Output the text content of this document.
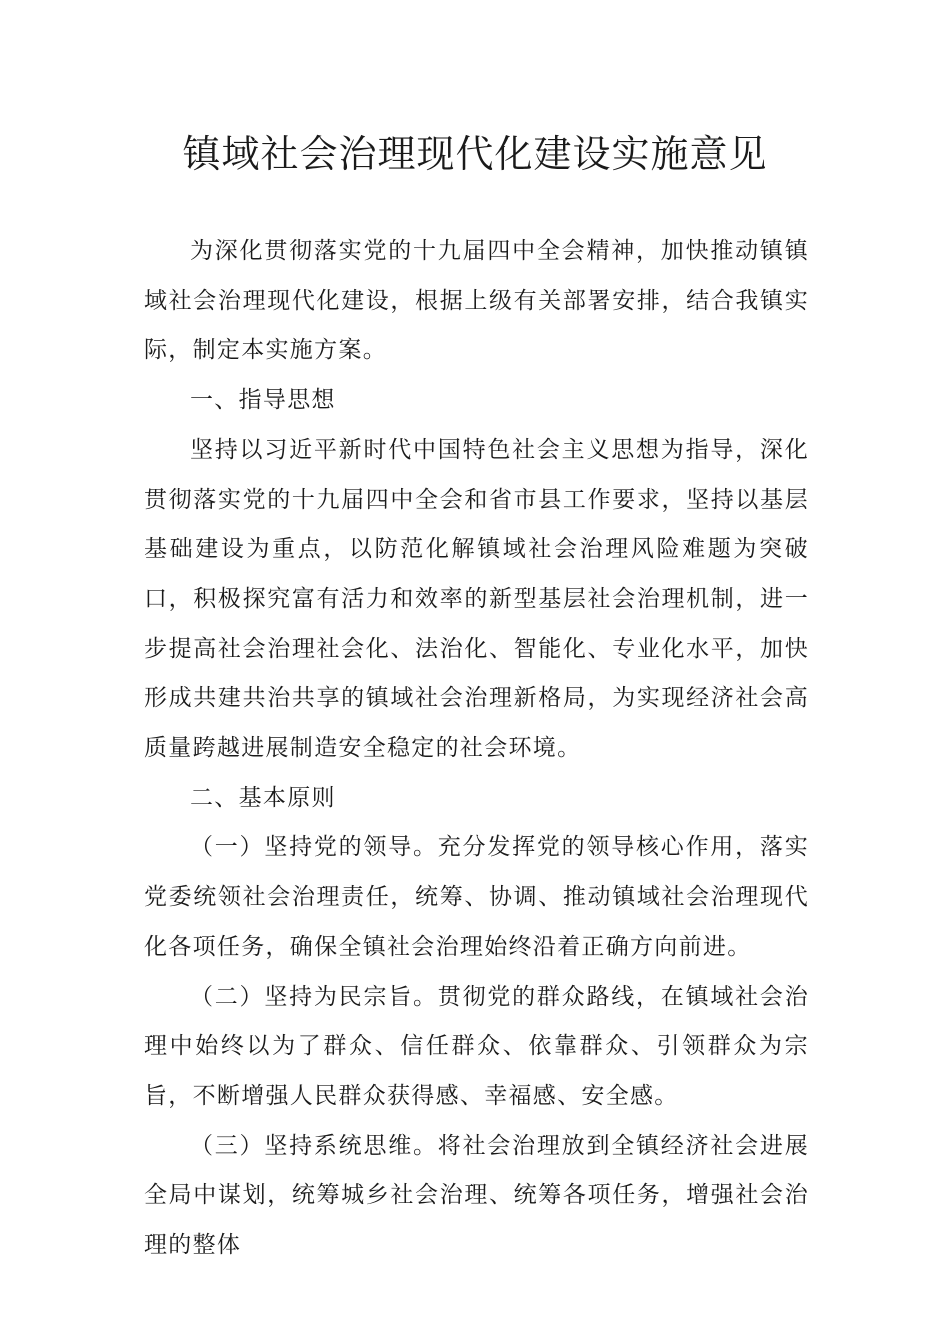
镇域社会治理现代化建设实施意见

为深化贯彻落实党的十九届四中全会精神，加快推动镇镇域社会治理现代化建设，根据上级有关部署安排，结合我镇实际，制定本实施方案。

一、指导思想

坚持以习近平新时代中国特色社会主义思想为指导，深化贯彻落实党的十九届四中全会和省市县工作要求，坚持以基层基础建设为重点，以防范化解镇域社会治理风险难题为突破口，积极探究富有活力和效率的新型基层社会治理机制，进一步提高社会治理社会化、法治化、智能化、专业化水平，加快形成共建共治共享的镇域社会治理新格局，为实现经济社会高质量跨越进展制造安全稳定的社会环境。

二、基本原则

（一）坚持党的领导。充分发挥党的领导核心作用，落实党委统领社会治理责任，统筹、协调、推动镇域社会治理现代化各项任务，确保全镇社会治理始终沿着正确方向前进。

（二）坚持为民宗旨。贯彻党的群众路线，在镇域社会治理中始终以为了群众、信任群众、依靠群众、引领群众为宗旨，不断增强人民群众获得感、幸福感、安全感。

（三）坚持系统思维。将社会治理放到全镇经济社会进展全局中谋划，统筹城乡社会治理、统筹各项任务，增强社会治理的整体
